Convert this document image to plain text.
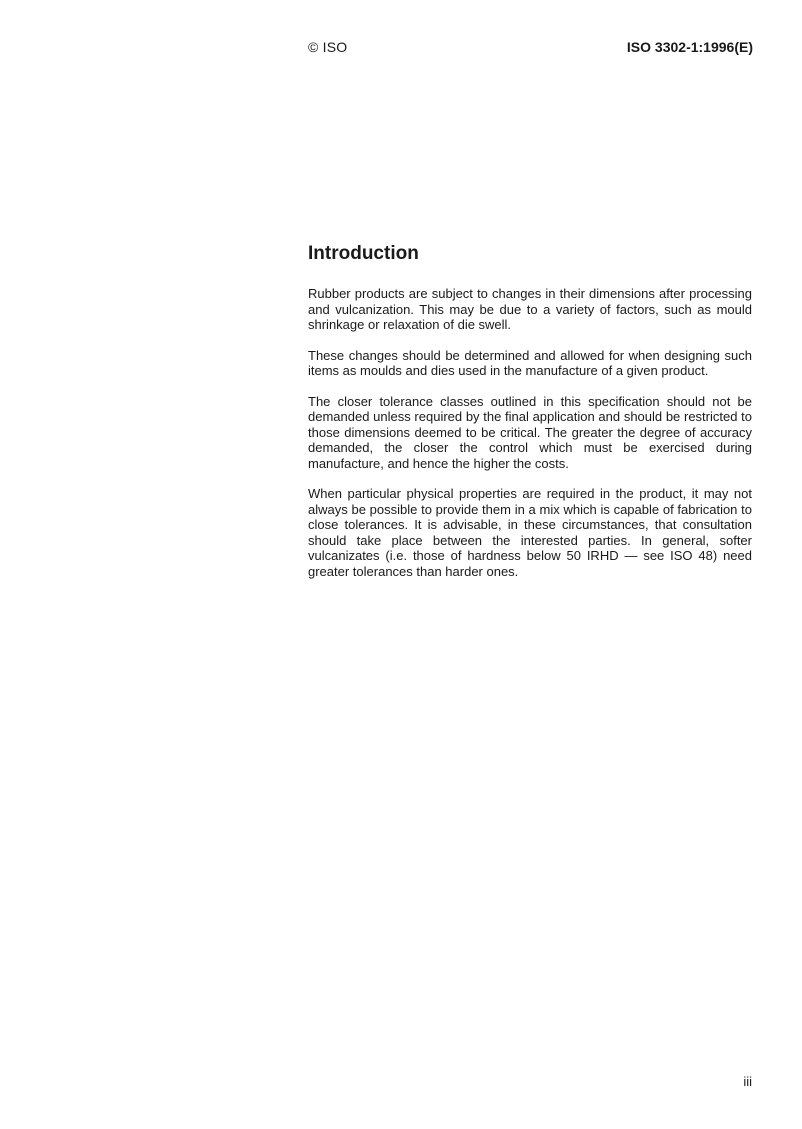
© ISO	ISO 3302-1:1996(E)
Introduction

Rubber products are subject to changes in their dimensions after processing and vulcanization. This may be due to a variety of factors, such as mould shrinkage or relaxation of die swell.

These changes should be determined and allowed for when designing such items as moulds and dies used in the manufacture of a given product.

The closer tolerance classes outlined in this specification should not be demanded unless required by the final application and should be restricted to those dimensions deemed to be critical. The greater the degree of accuracy demanded, the closer the control which must be exercised during manufacture, and hence the higher the costs.

When particular physical properties are required in the product, it may not always be possible to provide them in a mix which is capable of fabrication to close tolerances. It is advisable, in these circumstances, that consultation should take place between the interested parties. In general, softer vulcanizates (i.e. those of hardness below 50 IRHD — see ISO 48) need greater tolerances than harder ones.

iii
